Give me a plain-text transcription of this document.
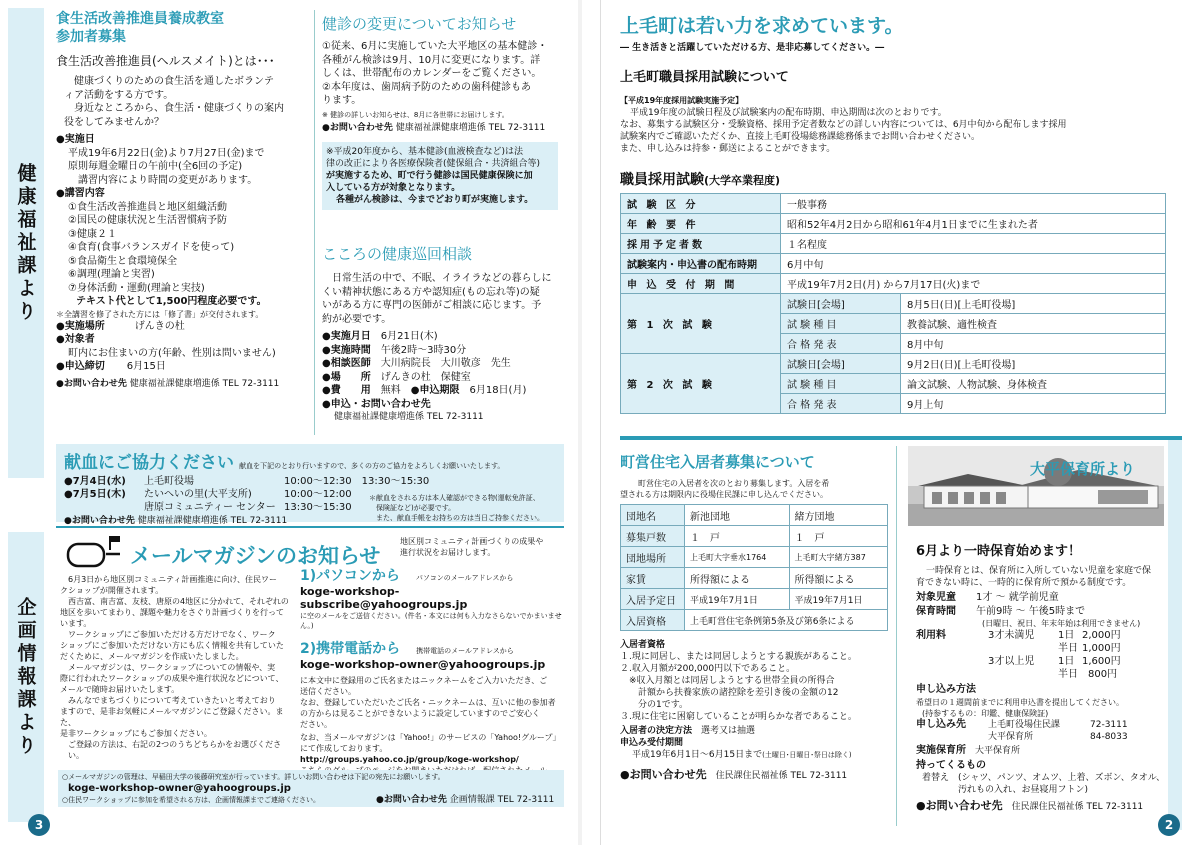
健康福祉課より
企画情報課より
3
食生活改善推進員養成教室
参加者募集
食生活改善推進員(ヘルスメイト)とは･･･
健康づくりのための食生活を通したボランテ
ィア活動をする方です。
身近なところから、食生活・健康づくりの案内
役をしてみませんか？
●実施日
平成19年6月22日(金)より7月27日(金)まで
原則毎週金曜日の午前中(全6回の予定)
講習内容により時間の変更があります。
●講習内容
①食生活改善推進員と地区組織活動
②国民の健康状況と生活習慣病予防
③健康２１
④食育(食事バランスガイドを使って)
⑤食品衛生と食環境保全
⑥調理(理論と実習)
⑦身体活動・運動(理論と実技)
テキスト代として1,500円程度必要です。
＊全講習を修了された方には「修了書」が交付されます。
●実施場所　	げんきの杜
●対象者
町内にお住まいの方(年齢、性別は問いません)
●申込締切　 6月15日
●お問い合わせ先 健康福祉課健康増進係 TEL 72-3111
健診の変更についてお知らせ
①従来、6月に実施していた大平地区の基本健診・
各種がん検診は9月、10月に変更になります。詳
しくは、世帯配布のカレンダーをご覧ください。
②本年度は、歯周病予防のための歯科健診もあ
ります。
※ 健診の詳しいお知らせは、8月に各世帯にお届けします。
●お問い合わせ先 健康福祉課健康増進係 TEL 72-3111
※平成20年度から、基本健診(血液検査など)は法
律の改正により各医療保険者(健保組合・共済組合等)
が実施するため、町で行う健診は国民健康保険に加
入している方が対象となります。
各種がん検診は、今までどおり町が実施します。
こころの健康巡回相談
日常生活の中で、不眠、イライラなどの暮らしに
くい精神状態にある方や認知症(もの忘れ等)の疑
いがある方に専門の医師がご相談に応じます。予
約が必要です。
●実施月日　 6月21日(木)
●実施時間　 午後2時～3時30分
●相談医師　 大川病院長　大川敬彦　先生
●場　　所　 げんきの杜　保健室
●費　　用　 無料　 ●申込期限　 6月18日(月)
●申込・お問い合わせ先
健康福祉課健康増進係 TEL 72-3111
献血にご協力ください 献血を下記のとおり行いますので、多くの方のご協力をよろしくお願いいたします。
●7月4日(水) 上毛町役場	10:00～12:30　13:30～15:30
●7月5日(木) たいへいの里(大平支所)	10:00～12:00
唐原コミュニティー センター 13:30～15:30
＊献血をされる方は本人確認ができる物(運転免許証、
　保険証など)が必要です。
　また、献血手帳をお持ちの方は当日ご持参ください。
●お問い合わせ先 健康福祉課健康増進係 TEL 72-3111
メールマガジンのお知らせ
地区別コミュニティ計画づくりの成果や
進行状況をお届けします。
6月3日から地区別コミュニティ計画推進に向け、住民ワー
クショップが開催されます。
西吉富、南吉富、友枝、唐原の4地区に分かれて、それぞれの
地区を歩いてまわり、課題や魅力をさぐり計画づくりを行って
います。
ワークショップにご参加いただける方だけでなく、ワーク
ショップにご参加いただけない方にも広く情報を共有していた
だくために、メールマガジンを作成いたしました。
メールマガジンは、ワークショップについての情報や、実
際に行われたワークショップの成果や進行状況などについて、
メールで随時お届けいたします。
みんなでまちづくりについて考えていきたいと考えており
ますので、是非お気軽にメールマガジンにご登録ください。また、
是非ワークショップにもご参加ください。
ご登録の方法は、右記の2つのうちどちらかをお選びください。
1)パソコンから　 パソコンのメールアドレスから
koge-workshop-subscribe@yahoogroups.jp
に空のメールをご送信ください。(件名・本文には何も入力なさらないでかまいません。)
2)携帯電話から　 携帯電話のメールアドレスから
koge-workshop-owner@yahoogroups.jp
に本文中に登録用のご氏名またはニックネームをご入力いただき、ご
送信ください。
なお、登録していただいたご氏名・ニックネームは、互いに他の参加者
の方からは見ることができないように設定していますのでご安心く
ださい。
なお、当メールマガジンは「Yahoo!」のサービスの「Yahoo!グループ」
にて作成しております。
http://groups.yahoo.co.jp/group/koge-workshop/
○メールマガジンの管理は、早稲田大学の後藤研究室が行っています。詳しいお問い合わせは下記の宛先にお願いします。
koge-workshop-owner@yahoogroups.jp
○住民ワークショップに参加を希望される方は、企画情報課までご連絡ください。	●お問い合わせ先 企画情報課 TEL 72-3111
上毛町は若い力を求めています。
― 生き活きと活躍していただける方、是非応募してください。―
上毛町職員採用試験について
【平成19年度採用試験実施予定】
平成19年度の試験日程及び試験案内の配布時期、申込期間は次のとおりです。
なお、募集する試験区分・受験資格、採用予定者数などの詳しい内容については、6月中旬から配布します採用
試験案内でご確認いただくか、直接上毛町役場総務課総務係までお問い合わせください。
また、申し込みは持参・郵送によることができます。
職員採用試験(大学卒業程度)
試 験 区 分	一般事務	
年 齢 要 件	昭和52年4月2日から昭和61年4月1日までに生まれた者	
採用予定者数	１名程度	
試験案内・申込書の配布時期	6月中旬	
申 込 受 付 期 間	平成19年7月2日(月) から7月17日(火)まで	
第 1 次 試 験	試験日[会場]	8月5日(日)[上毛町役場]
	試 験 種 目	教養試験、適性検査
	合 格 発 表	8月中旬
第 2 次 試 験	試験日[会場]	9月2日(日)[上毛町役場]
	試 験 種 目	論文試験、人物試験、身体検査
	合 格 発 表	9月上旬
町営住宅入居者募集について
町営住宅の入居者を次のとおり募集します。入居を希
望される方は期限内に役場住民課に申し込んでください。
団地名	新池団地	緒方団地
募集戸数	１　戸	１　戸
団地場所	上毛町大字垂水1764	上毛町大字緒方387
家賃	所得額による	所得額による
入居予定日	平成19年7月1日	平成19年7月1日
入居資格	上毛町営住宅条例第5条及び第6条による	
入居者資格
１.現に同居し、または同居しようとする親族があること。
２.収入月額が200,000円以下であること。
　※収入月額とは同居しようとする世帯全員の所得合
　　計額から扶養家族の諸控除を差引き後の金額の12
　　分の1です。
３.現に住宅に困窮していることが明らかな者であること。
入居者の決定方法　 選考又は抽選
申込み受付期間
平成19年6月1日～6月15日まで(土曜日･日曜日･祭日は除く)
●お問い合わせ先　 住民課住民福祉係 TEL 72-3111
大平保育所より
6月より一時保育始めます！
一時保育とは、保育所に入所していない児童を家庭で保
育できない時に、一時的に保育所で預かる制度です。
対象児童　　 1才 ～ 就学前児童
保育時間　　 午前9時 ～ 午後5時まで
(日曜日、祝日、年末年始は利用できません)
利用料	3才未満児 1日 2,000円
半日 1,000円
3才以上児 1日 1,600円
半日 800円
申し込み方法
希望日の１週間前までに利用申込書を提出してください。
(持参するもの：印鑑、健康保険証)
申し込み先 上毛町役場住民課	72-3111
大平保育所	84-8033
実施保育所　 大平保育所
持ってくるもの
着替え　(シャツ、パンツ、オムツ、上着、ズボン、タオル、
汚れもの入れ、お昼寝用フトン)
●お問い合わせ先　 住民課住民福祉係 TEL 72-3111
2
